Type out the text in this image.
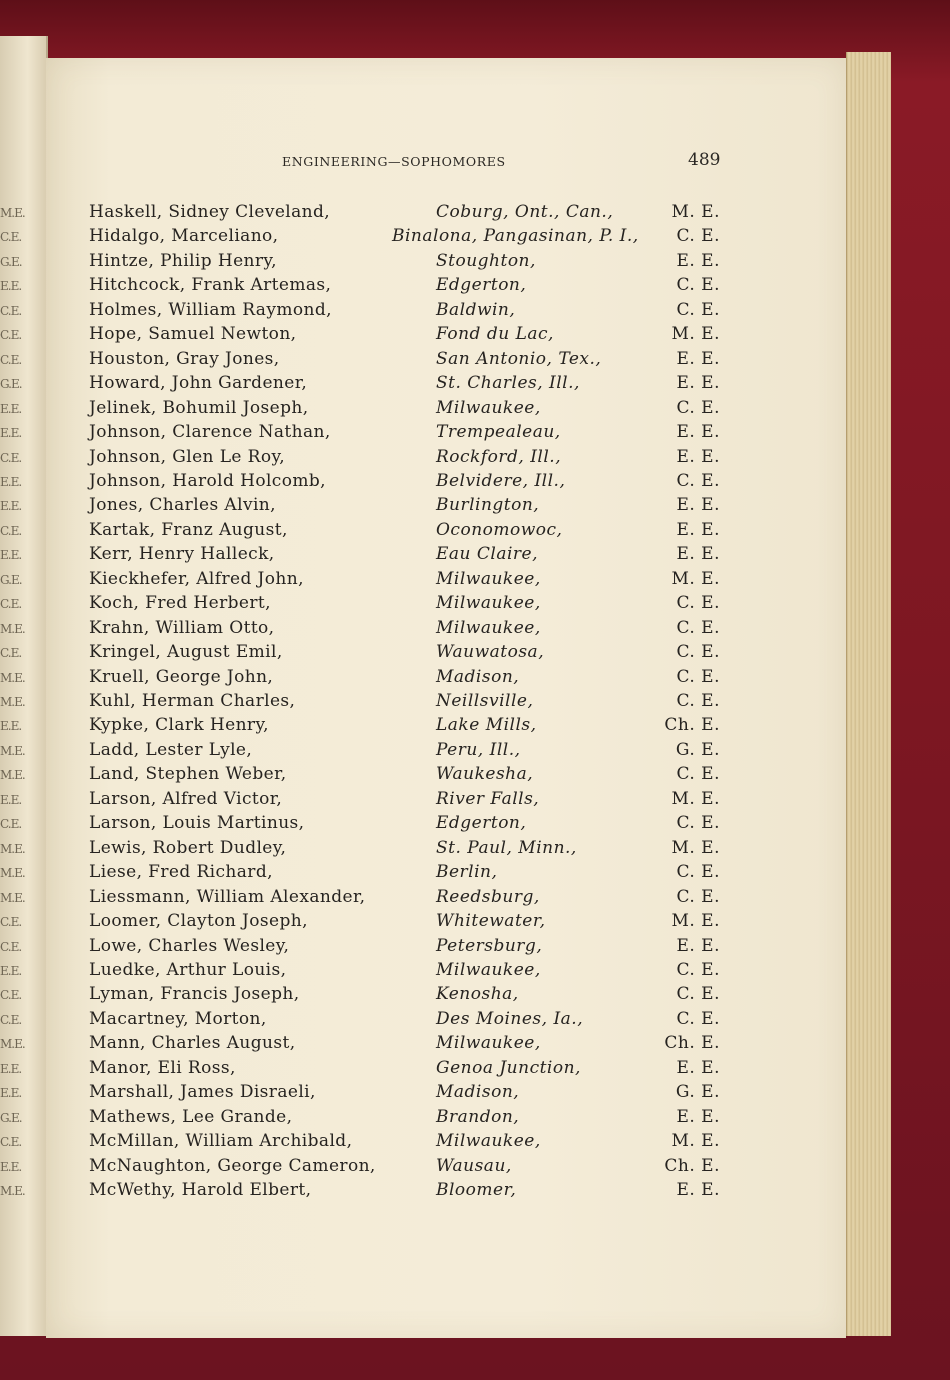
M.E.
C.E.
G.E.
E.E.
C.E.
C.E.
C.E.
G.E.
E.E.
E.E.
C.E.
E.E.
E.E.
C.E.
E.E.
G.E.
C.E.
M.E.
C.E.
M.E.
M.E.
E.E.
M.E.
M.E.
E.E.
C.E.
M.E.
M.E.
M.E.
C.E.
C.E.
E.E.
C.E.
C.E.
M.E.
E.E.
E.E.
G.E.
C.E.
E.E.
M.E.
ENGINEERING—SOPHOMORES	489
Haskell, Sidney Cleveland,	Coburg, Ont., Can.,	M. E.
Hidalgo, Marceliano,	Binalona, Pangasinan, P. I., C. E.
Hintze, Philip Henry,	Stoughton,	E. E.
Hitchcock, Frank Artemas,	Edgerton,	C. E.
Holmes, William Raymond,	Baldwin,	C. E.
Hope, Samuel Newton,	Fond du Lac,	M. E.
Houston, Gray Jones,	San Antonio, Tex.,	E. E.
Howard, John Gardener,	St. Charles, Ill.,	E. E.
Jelinek, Bohumil Joseph,	Milwaukee,	C. E.
Johnson, Clarence Nathan,	Trempealeau,	E. E.
Johnson, Glen Le Roy,	Rockford, Ill.,	E. E.
Johnson, Harold Holcomb,	Belvidere, Ill.,	C. E.
Jones, Charles Alvin,	Burlington,	E. E.
Kartak, Franz August,	Oconomowoc,	E. E.
Kerr, Henry Halleck,	Eau Claire,	E. E.
Kieckhefer, Alfred John,	Milwaukee,	M. E.
Koch, Fred Herbert,	Milwaukee,	C. E.
Krahn, William Otto,	Milwaukee,	C. E.
Kringel, August Emil,	Wauwatosa,	C. E.
Kruell, George John,	Madison,	C. E.
Kuhl, Herman Charles,	Neillsville,	C. E.
Kypke, Clark Henry,	Lake Mills,	Ch. E.
Ladd, Lester Lyle,	Peru, Ill.,	G. E.
Land, Stephen Weber,	Waukesha,	C. E.
Larson, Alfred Victor,	River Falls,	M. E.
Larson, Louis Martinus,	Edgerton,	C. E.
Lewis, Robert Dudley,	St. Paul, Minn.,	M. E.
Liese, Fred Richard,	Berlin,	C. E.
Liessmann, William Alexander,	Reedsburg,	C. E.
Loomer, Clayton Joseph,	Whitewater,	M. E.
Lowe, Charles Wesley,	Petersburg,	E. E.
Luedke, Arthur Louis,	Milwaukee,	C. E.
Lyman, Francis Joseph,	Kenosha,	C. E.
Macartney, Morton,	Des Moines, Ia.,	C. E.
Mann, Charles August,	Milwaukee,	Ch. E.
Manor, Eli Ross,	Genoa Junction,	E. E.
Marshall, James Disraeli,	Madison,	G. E.
Mathews, Lee Grande,	Brandon,	E. E.
McMillan, William Archibald,	Milwaukee,	M. E.
McNaughton, George Cameron,	Wausau,	Ch. E.
McWethy, Harold Elbert,	Bloomer,	E. E.
